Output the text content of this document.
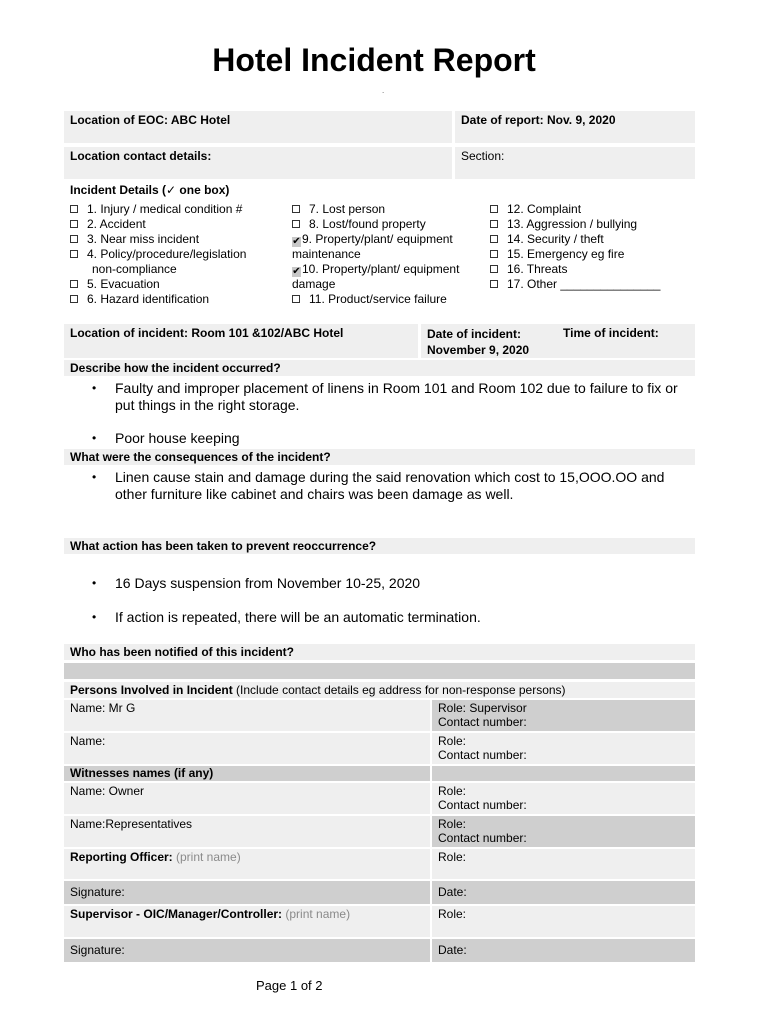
Hotel Incident Report
.
Location of EOC: ABC Hotel	Date of report: Nov. 9, 2020
Location contact details:	Section:
Incident Details (✓ one box)
1. Injury / medical condition #
2. Accident
3. Near miss incident
4. Policy/procedure/legislation
non-compliance
5. Evacuation
6. Hazard identification
7. Lost person
8. Lost/found property
✔9. Property/plant/ equipment
maintenance
✔10. Property/plant/ equipment
damage
11. Product/service failure
12. Complaint
13. Aggression / bullying
14. Security / theft
15. Emergency eg fire
16. Threats
17. Other _______________
Location of incident: Room 101 &102/ABC Hotel	Date of incident:
November 9, 2020
Time of incident:
Describe how the incident occurred?
• Faulty and improper placement of linens in Room 101 and Room 102 due to failure to fix or put things in the right storage.
• Poor house keeping
What were the consequences of the incident?
• Linen cause stain and damage during the said renovation which cost to 15,OOO.OO and other furniture like cabinet and chairs was been damage as well.
What action has been taken to prevent reoccurrence?
• 16 Days suspension from November 10-25, 2020
• If action is repeated, there will be an automatic termination.
Who has been notified of this incident?
Persons Involved in Incident (Include contact details eg address for non-response persons)
Name: Mr G	Role: Supervisor
Contact number:
Name:	Role:
Contact number:
Witnesses names (if any)
Name: Owner	Role:
Contact number:
Name:Representatives	Role:
Contact number:
Reporting Officer: (print name)	Role:
Signature:	Date:
Supervisor - OIC/Manager/Controller: (print name)	Role:
Signature:	Date:
Page 1 of 2
